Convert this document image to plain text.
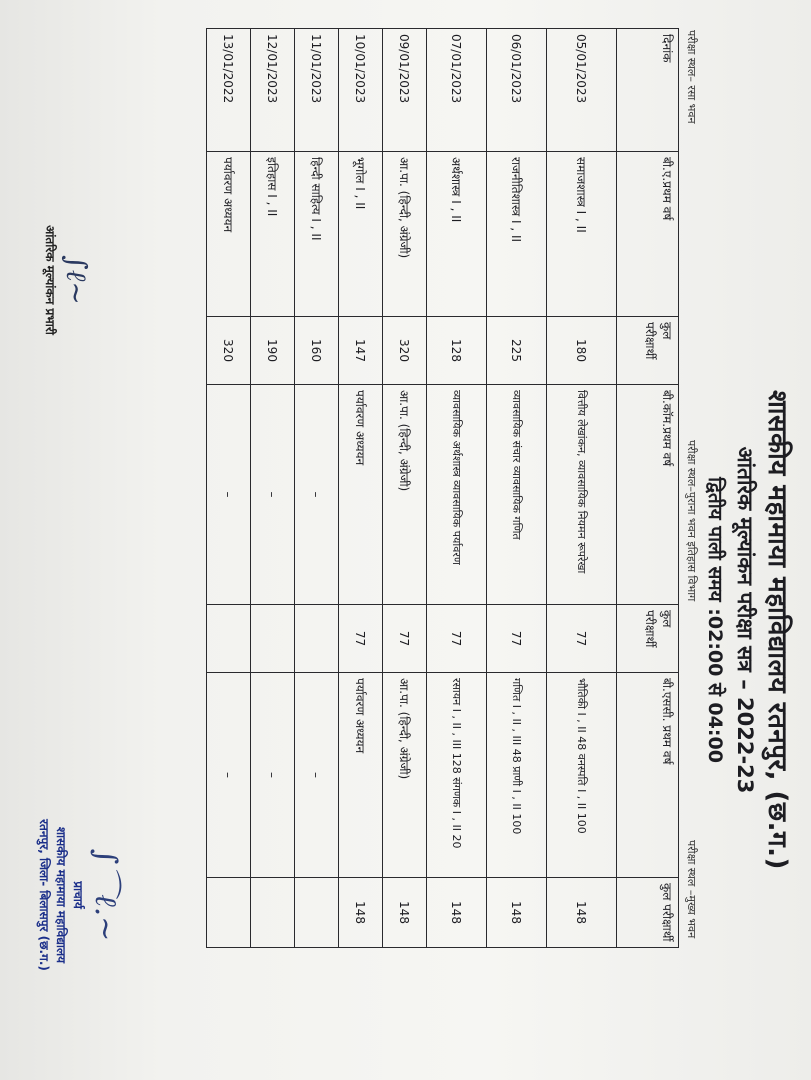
शासकीय महामाया महाविद्यालय रतनपुर, (छ.ग.)
आंतरिक मूल्यांकन परीक्षा सत्र – 2022-23
द्वितीय पाली समय :02:00 से 04:00
परीक्षा स्थल– रसा भवन
परीक्षा स्थल–पुराना भवन इतिहास विभाग
परीक्षा स्थल –मुख्य भवन
दिनांक	बी.ए.प्रथम वर्ष	कुल परीक्षार्थी	बी.कॉम.प्रथम वर्ष	कुल परीक्षार्थी	बी.एससी. प्रथम वर्ष	कुल परीक्षार्थी
05/01/2023	समाजशास्त्र I , II	180	वित्तीय लेखांकन, व्यावसायिक नियमन रूपरेखा	77	भौतिकी I , II 48 वनस्पति I , II 100	148
06/01/2023	राजनीतिशास्त्र I , II	225	व्यावसायिक संचार व्यावसायिक गणित	77	गणित I , II , III 48 प्राणी I , II 100	148
07/01/2023	अर्थशास्त्र I , II	128	व्यावसायिक अर्थशास्त्र व्यावसायिक पर्यावरण	77	रसायन I , II , III 128 संगणक I , II 20	148
09/01/2023	आ.पा. (हिन्दी, अंग्रेजी)	320	आ.पा. (हिन्दी, अंग्रेजी)	77	आ.पा. (हिन्दी, अंग्रेजी)	148
10/01/2023	भूगोल I , II	147	पर्यावरण अध्ययन	77	पर्यावरण अध्ययन	148
11/01/2023	हिन्दी साहित्य I , II	160	–		–	
12/01/2023	इतिहास I , II	190	–		–	
13/01/2022	पर्यावरण अध्ययन	320	–		–	
∫ℓ~
आंतरिक मूल्यांकन प्रभारी
∫⌒ℓ.~
प्राचार्य
शासकीय महामाया महाविद्यालय
रतनपुर, जिला- बिलासपुर (छ.ग.)
